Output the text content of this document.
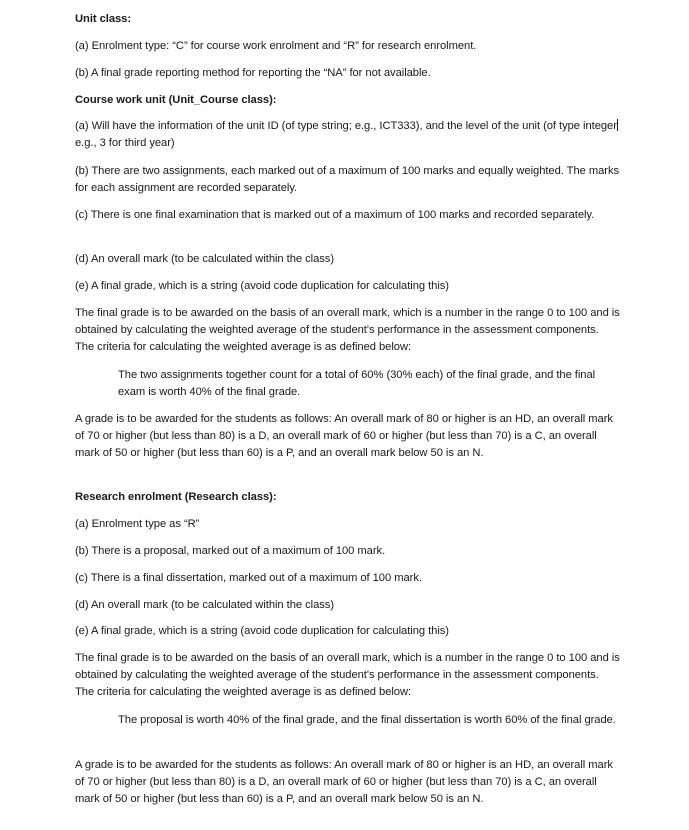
Unit class:

(a) Enrolment type: “C” for course work enrolment and “R” for research enrolment.

(b) A final grade reporting method for reporting the “NA” for not available.

Course work unit (Unit_Course class):

(a) Will have the information of the unit ID (of type string; e.g., ICT333), and the level of the unit (of type integere.g., 3 for third year)

(b) There are two assignments, each marked out of a maximum of 100 marks and equally weighted. The marks for each assignment are recorded separately.

(c) There is one final examination that is marked out of a maximum of 100 marks and recorded separately.

(d) An overall mark (to be calculated within the class)

(e) A final grade, which is a string (avoid code duplication for calculating this)

The final grade is to be awarded on the basis of an overall mark, which is a number in the range 0 to 100 and is obtained by calculating the weighted average of the student's performance in the assessment components. The criteria for calculating the weighted average is as defined below:

The two assignments together count for a total of 60% (30% each) of the final grade, and the final exam is worth 40% of the final grade.

A grade is to be awarded for the students as follows: An overall mark of 80 or higher is an HD, an overall mark of 70 or higher (but less than 80) is a D, an overall mark of 60 or higher (but less than 70) is a C, an overall mark of 50 or higher (but less than 60) is a P, and an overall mark below 50 is an N.

Research enrolment (Research class):

(a) Enrolment type as “R”

(b) There is a proposal, marked out of a maximum of 100 mark.

(c) There is a final dissertation, marked out of a maximum of 100 mark.

(d) An overall mark (to be calculated within the class)

(e) A final grade, which is a string (avoid code duplication for calculating this)

The final grade is to be awarded on the basis of an overall mark, which is a number in the range 0 to 100 and is obtained by calculating the weighted average of the student's performance in the assessment components. The criteria for calculating the weighted average is as defined below:

The proposal is worth 40% of the final grade, and the final dissertation is worth 60% of the final grade.

A grade is to be awarded for the students as follows: An overall mark of 80 or higher is an HD, an overall mark of 70 or higher (but less than 80) is a D, an overall mark of 60 or higher (but less than 70) is a C, an overall mark of 50 or higher (but less than 60) is a P, and an overall mark below 50 is an N.
